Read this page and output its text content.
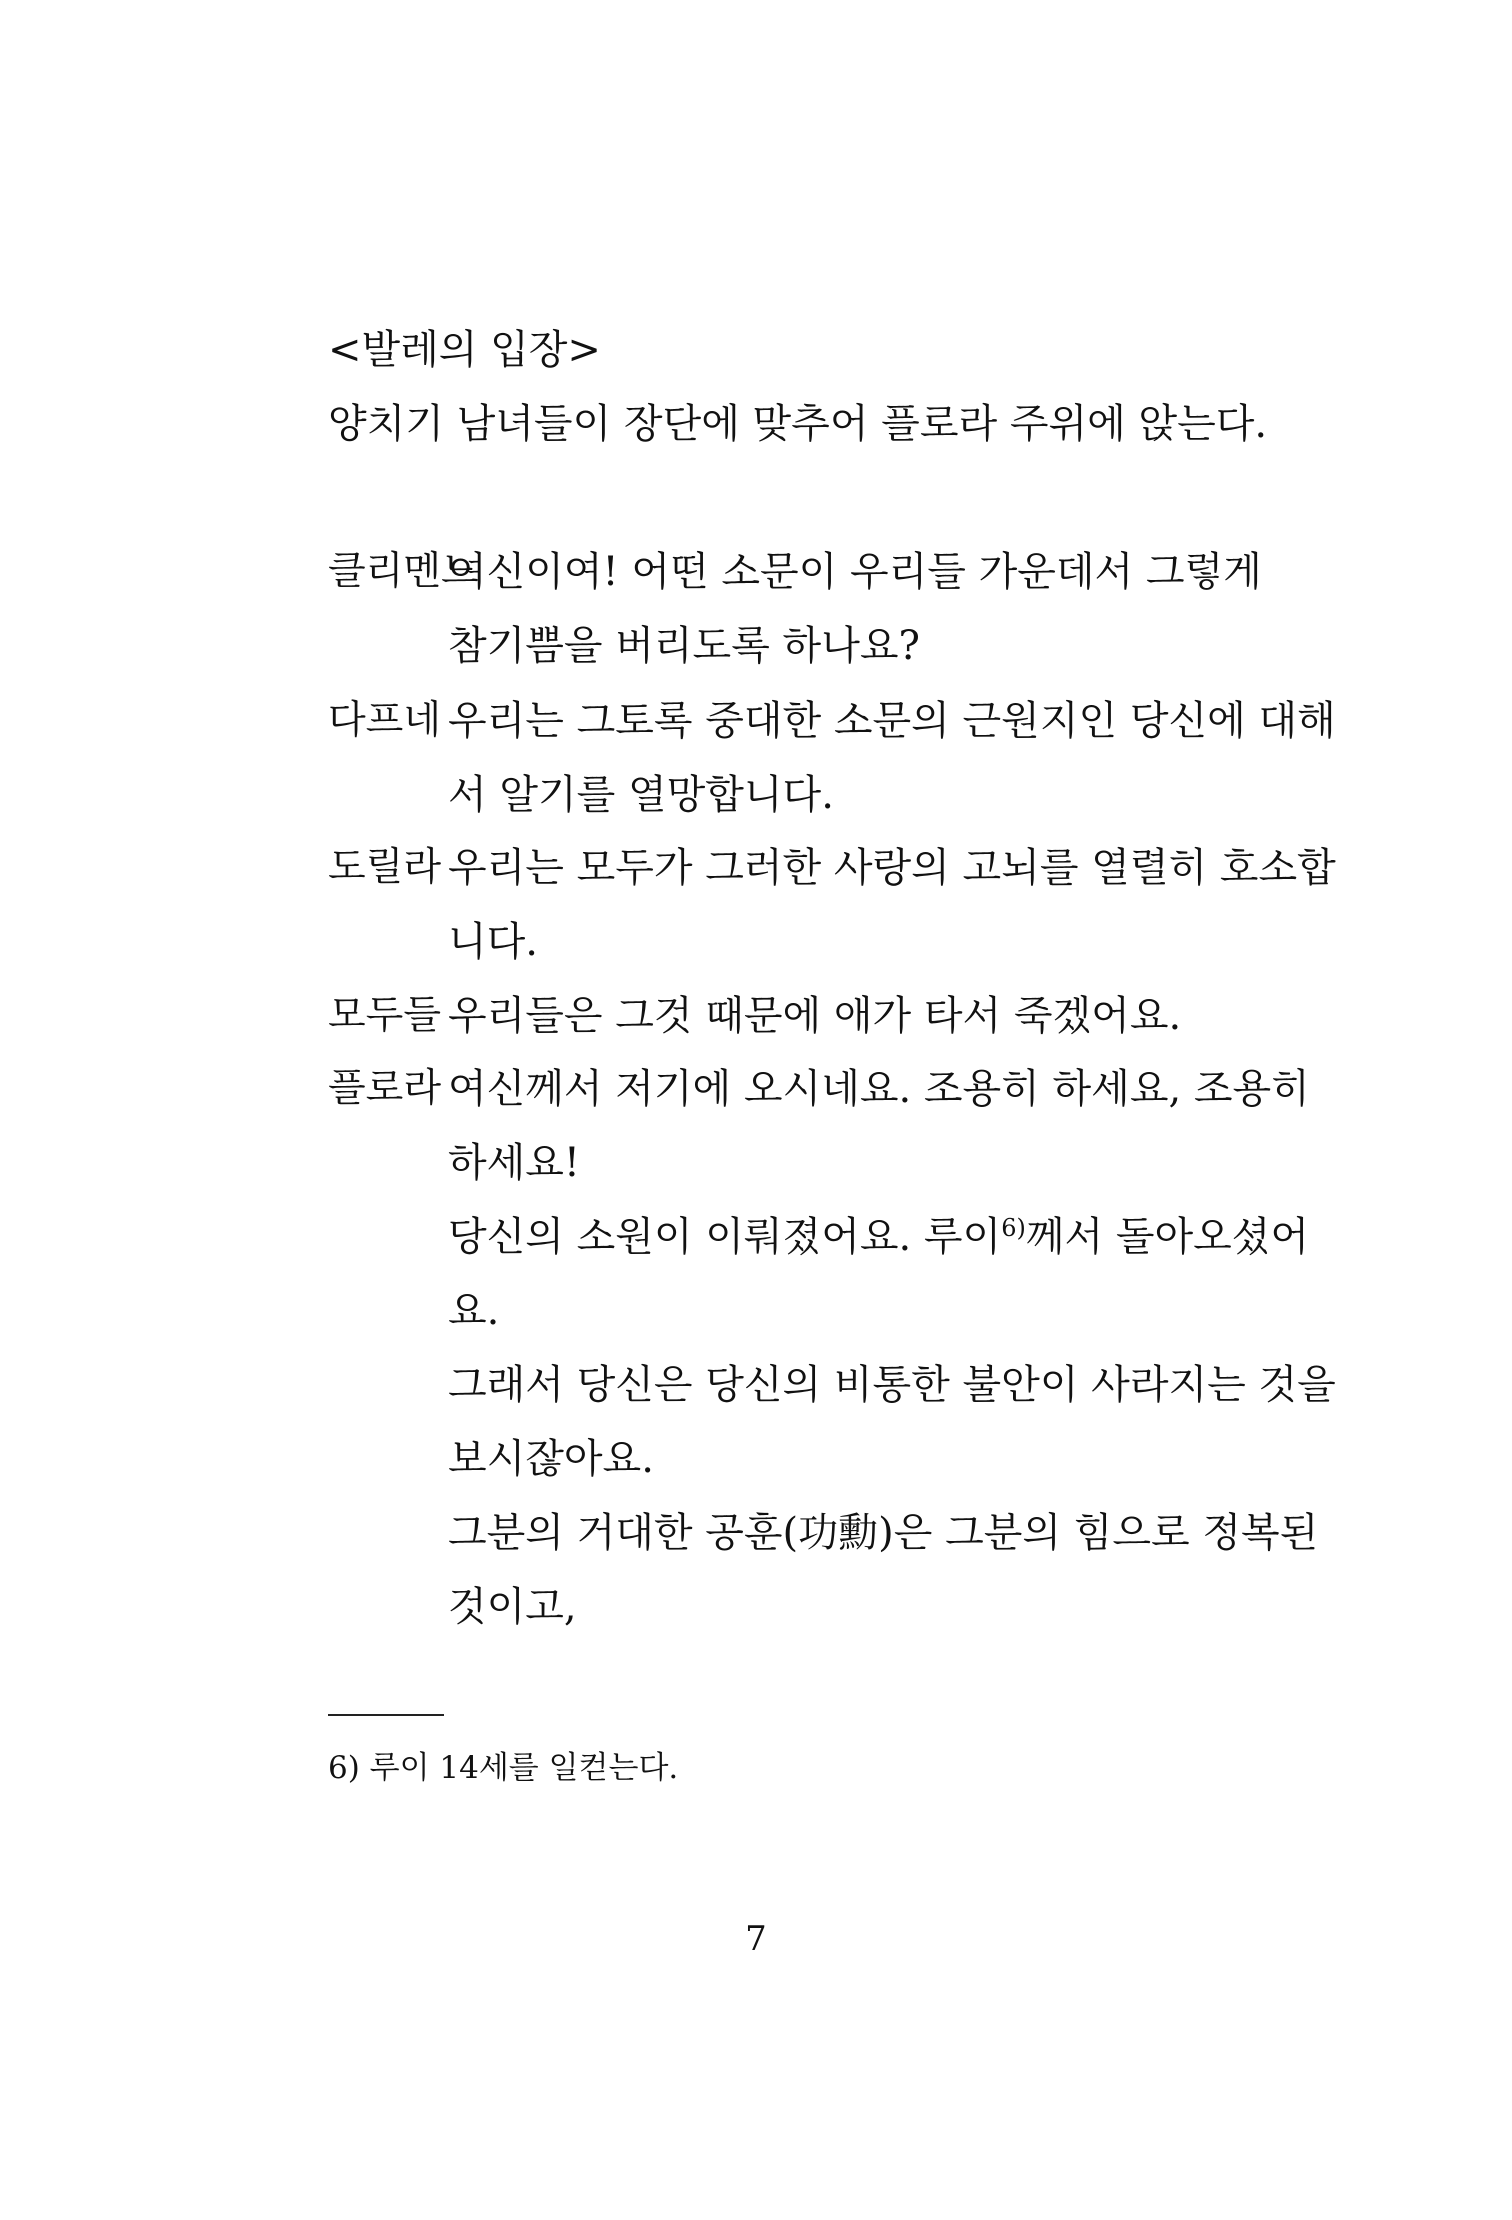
<발레의 입장>
양치기 남녀들이 장단에 맞추어 플로라 주위에 앉는다.
클리멘느
여신이여! 어떤 소문이 우리들 가운데서 그렇게
참기쁨을 버리도록 하나요?
다프네 우리는 그토록 중대한 소문의 근원지인 당신에 대해
서 알기를 열망합니다.
도릴라 우리는 모두가 그러한 사랑의 고뇌를 열렬히 호소합
니다.
모두들 우리들은 그것 때문에 애가 타서 죽겠어요.
플로라 여신께서 저기에 오시네요. 조용히 하세요, 조용히
하세요!
당신의 소원이 이뤄졌어요. 루이$^{6)}$께서 돌아오셨어
요.
그래서 당신은 당신의 비통한 불안이 사라지는 것을
보시잖아요.
그분의 거대한 공훈(功勳)은 그분의 힘으로 정복된
것이고,
6) 루이 14세를 일컫는다.
7
